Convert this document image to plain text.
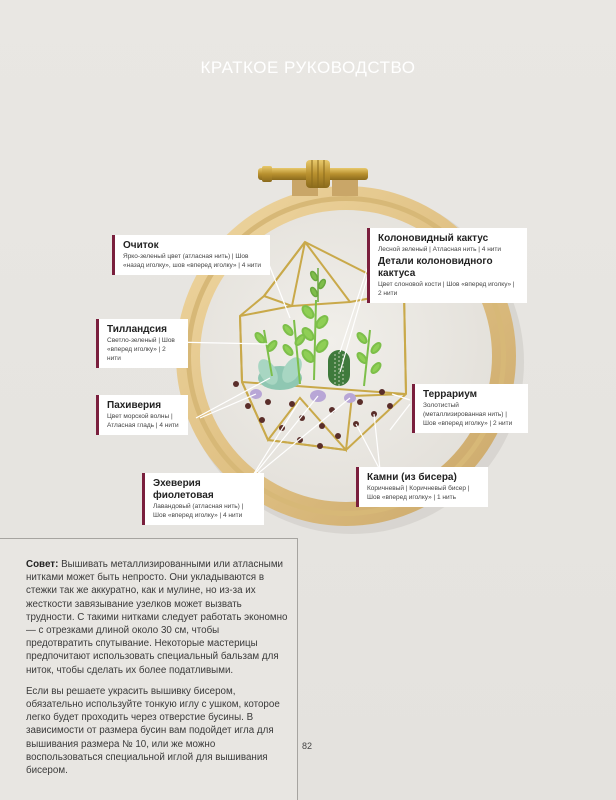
КРАТКОЕ РУКОВОДСТВО
Очиток
Ярко-зеленый цвет (атласная нить) | Шов «назад иголку», шов «вперед иголку» | 4 нити
Тилландсия
Светло-зеленый | Шов «вперед иголку» | 2 нити
Пахиверия
Цвет морской волны | Атласная гладь | 4 нити
Эхеверия фиолетовая
Лавандовый (атласная нить) | Шов «вперед иголку» | 4 нити
Колоновидный кактус
Лесной зеленый | Атласная нить | 4 нити
Детали колоновидного кактуса
Цвет слоновой кости | Шов «вперед иголку» | 2 нити
Террариум
Золотистый (металлизированная нить) | Шов «вперед иголку» | 2 нити
Камни (из бисера)
Коричневый | Коричневый бисер | Шов «вперед иголку» | 1 нить

Совет: Вышивать металлизированными или атласными нитками может быть непросто. Они укладываются в стежки так же аккуратно, как и мулине, но из-за их жесткости завязывание узелков может вызвать трудности. С такими нитками следует работать экономно — с отрезками длиной около 30 см, чтобы предотвратить спутывание. Некоторые мастерицы предпочитают использовать специальный бальзам для ниток, чтобы сделать их более податливыми.

Если вы решаете украсить вышивку бисером, обязательно используйте тонкую иглу с ушком, которое легко будет проходить через отверстие бусины. В зависимости от размера бусин вам подойдет игла для вышивания размера № 10, или же можно воспользоваться специальной иглой для вышивания бисером.

82
